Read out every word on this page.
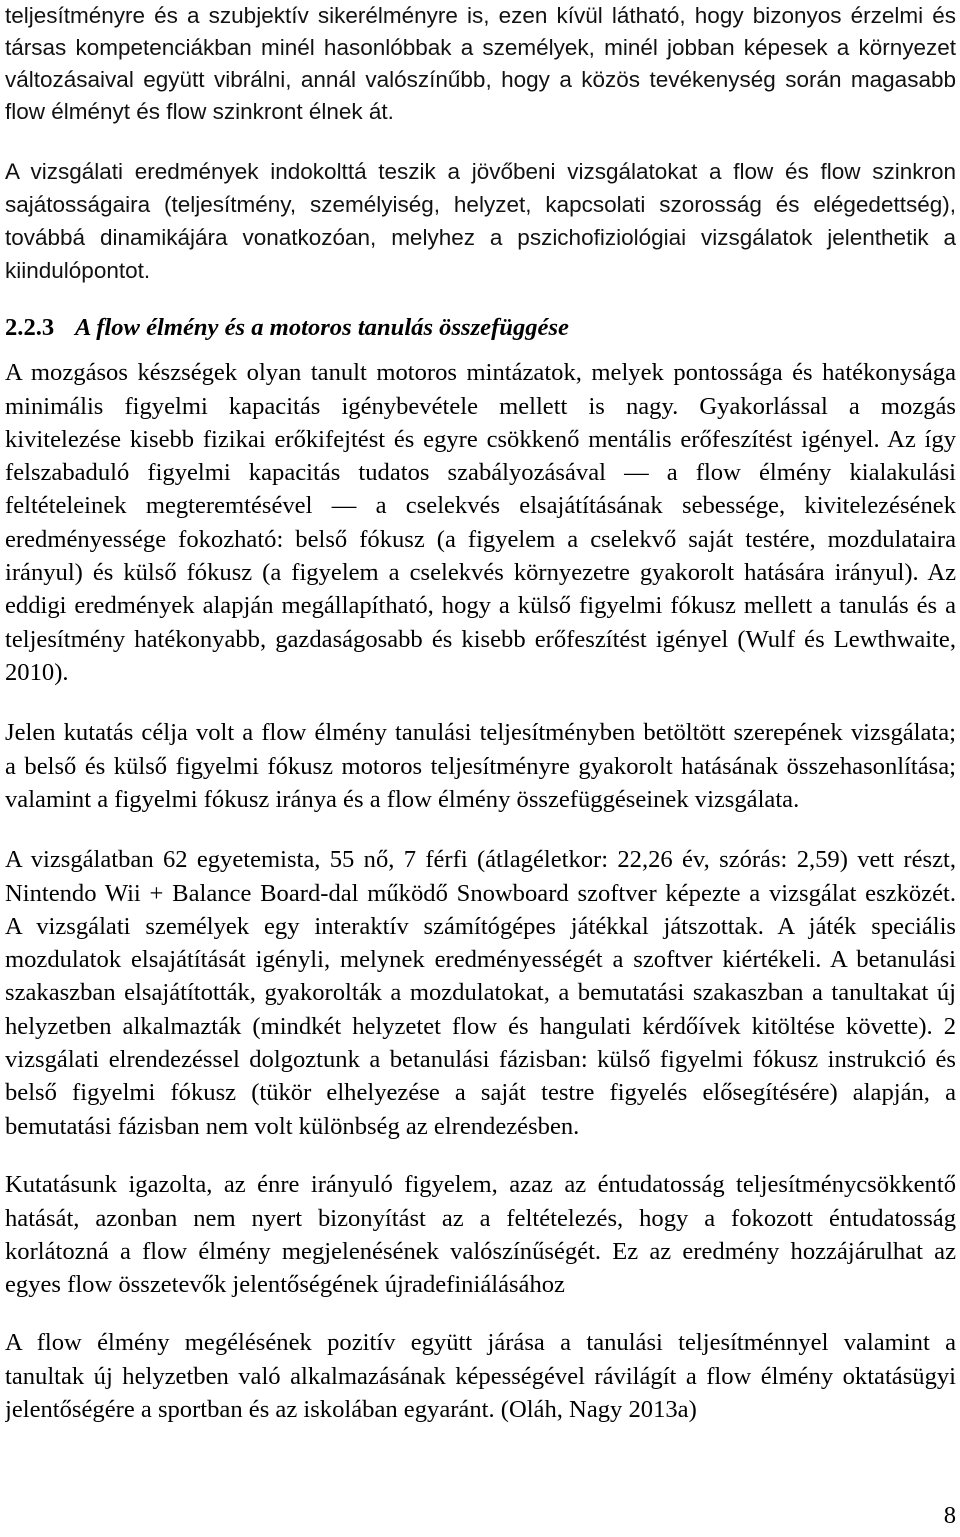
teljesítményre és a szubjektív sikerélményre is, ezen kívül látható, hogy bizonyos érzelmi és
társas kompetenciákban minél hasonlóbbak a személyek, minél jobban képesek a környezet
változásaival együtt vibrálni, annál valószínűbb, hogy a közös tevékenység során magasabb
flow élményt és flow szinkront élnek át.
A vizsgálati eredmények indokolttá teszik a jövőbeni vizsgálatokat a flow és flow szinkron
sajátosságaira (teljesítmény, személyiség, helyzet, kapcsolati szorosság és elégedettség),
továbbá dinamikájára vonatkozóan, melyhez a pszichofiziológiai vizsgálatok jelenthetik a
kiindulópontot.
2.2.3 A flow élmény és a motoros tanulás összefüggése
A mozgásos készségek olyan tanult motoros mintázatok, melyek pontossága és hatékonysága
minimális figyelmi kapacitás igénybevétele mellett is nagy. Gyakorlással a mozgás
kivitelezése kisebb fizikai erőkifejtést és egyre csökkenő mentális erőfeszítést igényel. Az így
felszabaduló figyelmi kapacitás tudatos szabályozásával — a flow élmény kialakulási
feltételeinek megteremtésével — a cselekvés elsajátításának sebessége, kivitelezésének
eredményessége fokozható: belső fókusz (a figyelem a cselekvő saját testére, mozdulataira
irányul) és külső fókusz (a figyelem a cselekvés környezetre gyakorolt hatására irányul). Az
eddigi eredmények alapján megállapítható, hogy a külső figyelmi fókusz mellett a tanulás és a
teljesítmény hatékonyabb, gazdaságosabb és kisebb erőfeszítést igényel (Wulf és Lewthwaite,
2010).
Jelen kutatás célja volt a flow élmény tanulási teljesítményben betöltött szerepének vizsgálata;
a belső és külső figyelmi fókusz motoros teljesítményre gyakorolt hatásának összehasonlítása;
valamint a figyelmi fókusz iránya és a flow élmény összefüggéseinek vizsgálata.
A vizsgálatban 62 egyetemista, 55 nő, 7 férfi (átlagéletkor: 22,26 év, szórás: 2,59) vett részt,
Nintendo Wii + Balance Board-dal működő Snowboard szoftver képezte a vizsgálat eszközét.
A vizsgálati személyek egy interaktív számítógépes játékkal játszottak. A játék speciális
mozdulatok elsajátítását igényli, melynek eredményességét a szoftver kiértékeli. A betanulási
szakaszban elsajátították, gyakorolták a mozdulatokat, a bemutatási szakaszban a tanultakat új
helyzetben alkalmazták (mindkét helyzetet flow és hangulati kérdőívek kitöltése követte). 2
vizsgálati elrendezéssel dolgoztunk a betanulási fázisban: külső figyelmi fókusz instrukció és
belső figyelmi fókusz (tükör elhelyezése a saját testre figyelés elősegítésére) alapján, a
bemutatási fázisban nem volt különbség az elrendezésben.
Kutatásunk igazolta, az énre irányuló figyelem, azaz az éntudatosság teljesítménycsökkentő
hatását, azonban nem nyert bizonyítást az a feltételezés, hogy a fokozott éntudatosság
korlátozná a flow élmény megjelenésének valószínűségét. Ez az eredmény hozzájárulhat az
egyes flow összetevők jelentőségének újradefiniálásához
A flow élmény megélésének pozitív együtt járása a tanulási teljesítménnyel valamint a
tanultak új helyzetben való alkalmazásának képességével rávilágít a flow élmény oktatásügyi
jelentőségére a sportban és az iskolában egyaránt. (Oláh, Nagy 2013a)
8
